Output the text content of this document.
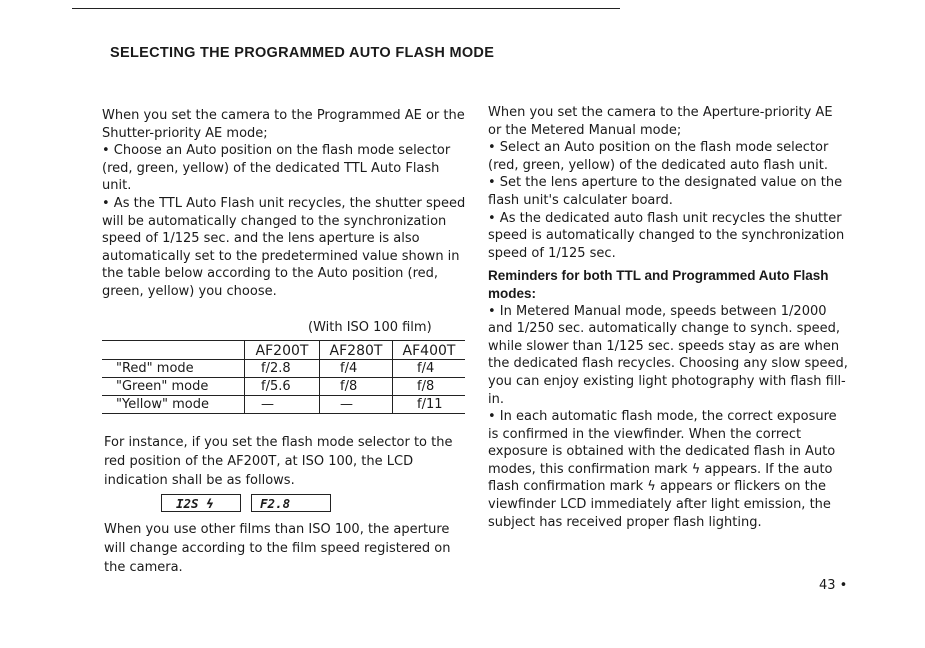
SELECTING THE PROGRAMMED AUTO FLASH MODE

When you set the camera to the Programmed AE or the Shutter-priority AE mode;

• Choose an Auto position on the flash mode selector (red, green, yellow) of the dedicated TTL Auto Flash unit.

• As the TTL Auto Flash unit recycles, the shutter speed will be automatically changed to the synchronization speed of 1/125 sec. and the lens aperture is also automatically set to the predetermined value shown in the table below according to the Auto position (red, green, yellow) you choose.

(With ISO 100 film)
	AF200T	AF280T	AF400T
"Red" mode	f/2.8	f/4	f/4
"Green" mode	f/5.6	f/8	f/8
"Yellow" mode	—	—	f/11
For instance, if you set the flash mode selector to the red position of the AF200T, at ISO 100, the LCD indication shall be as follows.
I2S ϟ	F2.8
When you use other films than ISO 100, the aperture will change according to the film speed registered on the camera.

When you set the camera to the Aperture-priority AE or the Metered Manual mode;

• Select an Auto position on the flash mode selector (red, green, yellow) of the dedicated auto flash unit.

• Set the lens aperture to the designated value on the flash unit's calculater board.

• As the dedicated auto flash unit recycles the shutter speed is automatically changed to the synchronization speed of 1/125 sec.

Reminders for both TTL and Programmed Auto Flash modes:

• In Metered Manual mode, speeds between 1/2000 and 1/250 sec. automatically change to synch. speed, while slower than 1/125 sec. speeds stay as are when the dedicated flash recycles. Choosing any slow speed, you can enjoy existing light photography with flash fill-in.

• In each automatic flash mode, the correct exposure is confirmed in the viewfinder. When the correct exposure is obtained with the dedicated flash in Auto modes, this confirmation mark ϟ appears. If the auto flash confirmation mark ϟ appears or flickers on the viewfinder LCD immediately after light emission, the subject has received proper flash lighting.

43 •
